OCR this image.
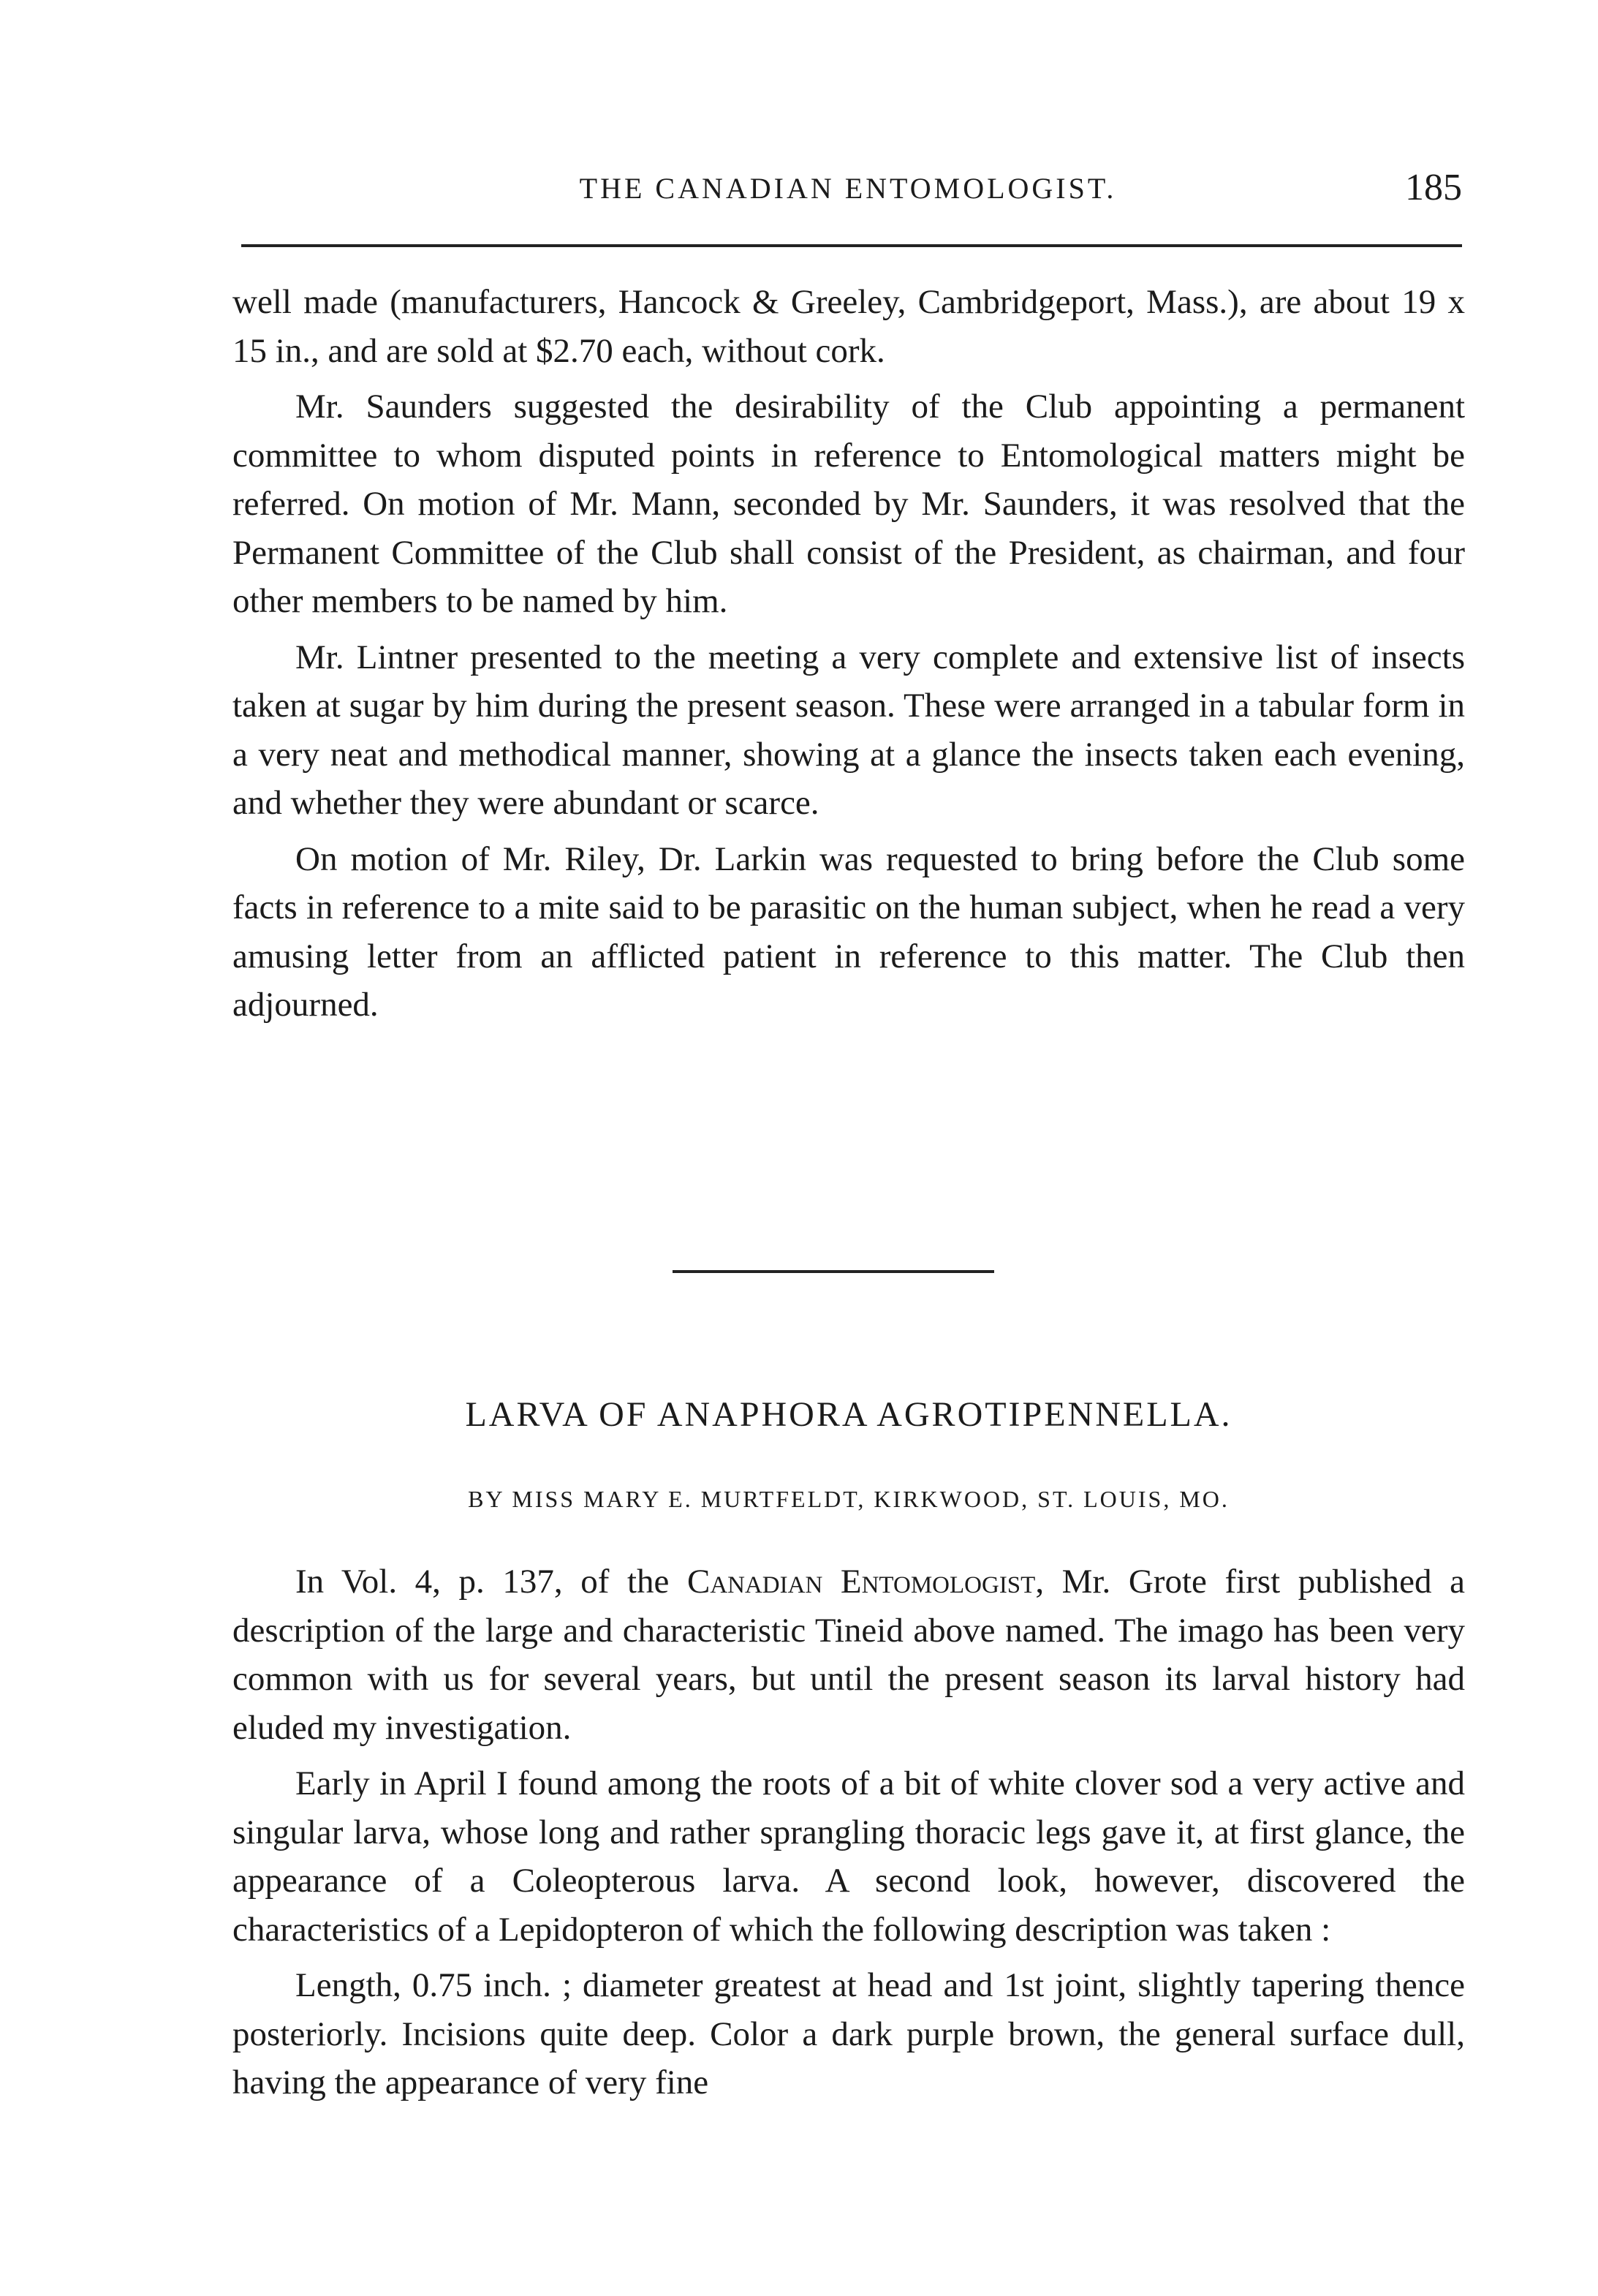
THE CANADIAN ENTOMOLOGIST.	185

well made (manufacturers, Hancock & Greeley, Cambridgeport, Mass.), are about 19 x 15 in., and are sold at $2.70 each, without cork.

Mr. Saunders suggested the desirability of the Club appointing a permanent committee to whom disputed points in reference to Entomological matters might be referred. On motion of Mr. Mann, seconded by Mr. Saunders, it was resolved that the Permanent Committee of the Club shall consist of the President, as chairman, and four other members to be named by him.

Mr. Lintner presented to the meeting a very complete and extensive list of insects taken at sugar by him during the present season. These were arranged in a tabular form in a very neat and methodical manner, showing at a glance the insects taken each evening, and whether they were abundant or scarce.

On motion of Mr. Riley, Dr. Larkin was requested to bring before the Club some facts in reference to a mite said to be parasitic on the human subject, when he read a very amusing letter from an afflicted patient in reference to this matter. The Club then adjourned.

LARVA OF ANAPHORA AGROTIPENNELLA.
BY MISS MARY E. MURTFELDT, KIRKWOOD, ST. LOUIS, MO.

In Vol. 4, p. 137, of the Canadian Entomologist, Mr. Grote first published a description of the large and characteristic Tineid above named. The imago has been very common with us for several years, but until the present season its larval history had eluded my investigation.

Early in April I found among the roots of a bit of white clover sod a very active and singular larva, whose long and rather sprangling thoracic legs gave it, at first glance, the appearance of a Coleopterous larva. A second look, however, discovered the characteristics of a Lepidopteron of which the following description was taken :

Length, 0.75 inch. ; diameter greatest at head and 1st joint, slightly tapering thence posteriorly. Incisions quite deep. Color a dark purple brown, the general surface dull, having the appearance of very fine
